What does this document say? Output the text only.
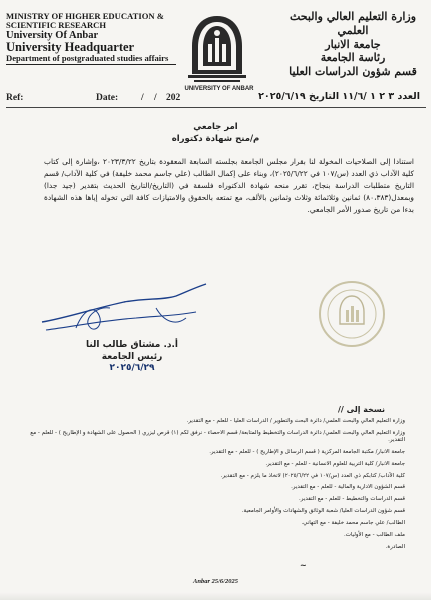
MINISTRY OF HIGHER EDUCATION &
SCIENTIFIC RESEARCH
University Of Anbar
University Headquarter
Department of postgraduated studies affairs
UNIVERSITY OF ANBAR
وزارة التعليم العالي والبحث العلمي
جامعة الانبار
رئاسة الجامعة
قسم شؤون الدراسات العليا
Ref:	Date: / / 202	العدد ٣ ٢ ١ /١١/٦ التاريخ ٢٠٢٥/٦/١٩
امر جامعي
م/منح شهادة دكتوراه

استنادا إلى الصلاحيات المخولة لنا بقرار مجلس الجامعة بجلسته السابعة المعقودة بتاريخ ٢٠٢٣/٣/٢٢ ،وإشارة إلى كتاب كلية الآداب ذي العدد (س/١٠٧ في ٢٠٢٥/٦/٢٢)، وبناء على إكمال الطالب (علي جاسم محمد خليفة) في كلية الآداب/ قسم التاريخ متطلبات الدراسة بنجاح، تقرر منحه شهادة الدكتوراه فلسفة في (التاريخ/التاريخ الحديث بتقدير (جيد جدا) وبمعدل(٨٠،٣٨٣) ثمانين وثلاثمائة وثلاث وثمانين بالألف، مع تمتعه بالحقوق والامتيازات كافة التي تخوله إياها هذه الشهادة بدءا من تاريخ صدور الأمر الجامعي.

أ.د. مشتاق طالب النا
رئيس الجامعة
٢٠٢٥/٦/٢٩
نسخة إلى //
وزارة التعليم العالي والبحث العلمي/ دائرة البحث والتطوير / الدراسات العليا - للعلم - مع التقدير.
وزارة التعليم العالي والبحث العلمي/ دائرة الدراسات والتخطيط والمتابعة/ قسم الاحصاء - نرفق لكم (١) قرص ليزري ( الحصول على الشهادة و الإطاريح ) - للعلم - مع التقدير.
جامعة الانبار/ مكتبة الجامعة المركزية ( قسم الرسائل و الإطاريح ) - للعلم - مع التقدير.
جامعة الانبار/ كلية التربية للعلوم الانسانية - للعلم - مع التقدير.
كلية الآداب/ كتابكم ذي العدد (س/١٠٧ في ٢٠٢٥/٦/٢٢) لاتخاذ ما يلزم - مع التقدير.
قسم الشؤون الادارية والمالية - للعلم - مع التقدير.
قسم الدراسات والتخطيط - للعلم - مع التقدير.
قسم شؤون الدراسات العليا/ شعبة الوثائق والشهادات والأوامر الجامعية.
الطالب/ علي جاسم محمد خليفة - مع التهاني.
ملف الطالب - مع الأوليات.
الصادرة.
~
Anbar 25/6/2025
